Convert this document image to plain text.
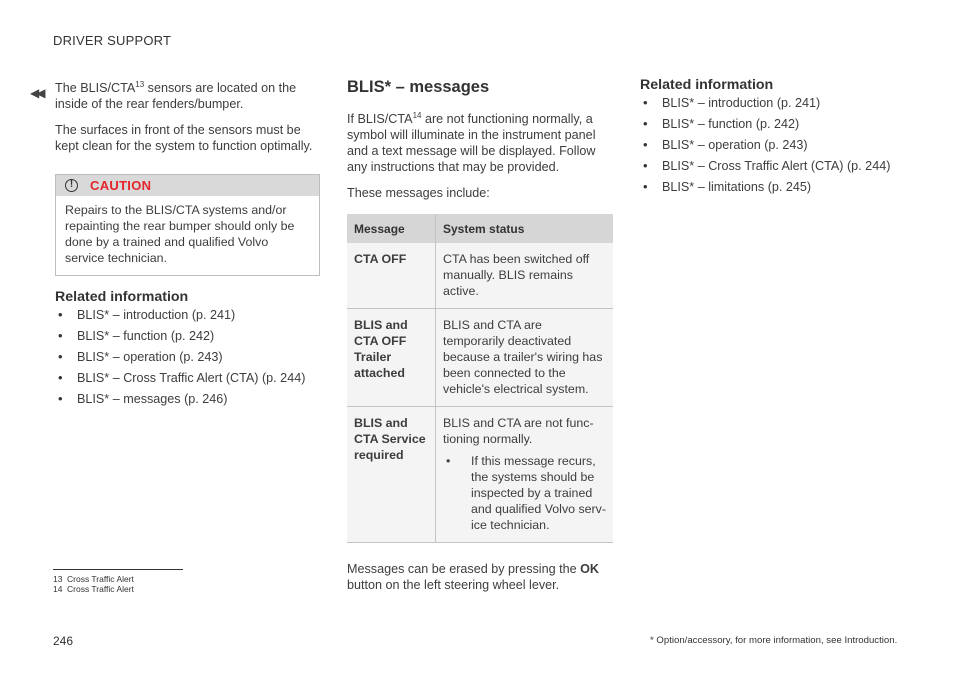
DRIVER SUPPORT
◀◀ The BLIS/CTA$^{13}$ sensors are located on the inside of the rear fenders/bumper.

The surfaces in front of the sensors must be kept clean for the system to function optimally.

!	CAUTION
Repairs to the BLIS/CTA systems and/or repainting the rear bumper should only be done by a trained and qualified Volvo service technician.
Related information
• BLIS* – introduction (p. 241)
• BLIS* – function (p. 242)
• BLIS* – operation (p. 243)
• BLIS* – Cross Traffic Alert (CTA) (p. 244)
• BLIS* – messages (p. 246)
BLIS* – messages

If BLIS/CTA$^{14}$ are not functioning normally, a symbol will illuminate in the instrument panel and a text message will be displayed. Follow any instructions that may be provided.

These messages include:

Message	System status
CTA OFF	CTA has been switched off manually. BLIS remains active.
BLIS and CTA OFF Trailer attached	BLIS and CTA are temporarily deactivated because a trailer's wiring has been connected to the vehicle's electrical system.
BLIS and CTA Service required	BLIS and CTA are not func- tioning normally.
• If this message recurs, the systems should be inspected by a trained and qualified Volvo serv- ice technician.

Messages can be erased by pressing the OK button on the left steering wheel lever.

Related information
• BLIS* – introduction (p. 241)
• BLIS* – function (p. 242)
• BLIS* – operation (p. 243)
• BLIS* – Cross Traffic Alert (CTA) (p. 244)
• BLIS* – limitations (p. 245)
13 Cross Traffic Alert
14 Cross Traffic Alert
246	* Option/accessory, for more information, see Introduction.
